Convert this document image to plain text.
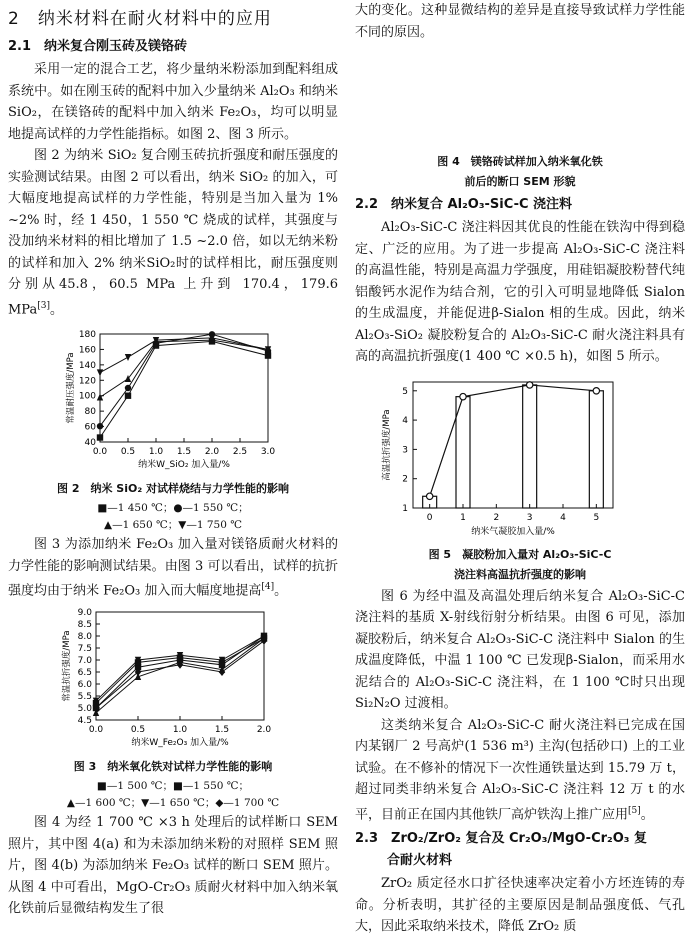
2　纳米材料在耐火材料中的应用
2.1　纳米复合刚玉砖及镁铬砖

采用一定的混合工艺，将少量纳米粉添加到配料组成系统中。如在刚玉砖的配料中加入少量纳米 Al₂O₃ 和纳米 SiO₂，在镁铬砖的配料中加入纳米 Fe₂O₃，均可以明显地提高试样的力学性能指标。如图 2、图 3 所示。

图 2 为纳米 SiO₂ 复合刚玉砖抗折强度和耐压强度的实验测试结果。由图 2 可以看出，纳米 SiO₂ 的加入，可大幅度地提高试样的力学性能，特别是当加入量为 1% ~2% 时，经 1 450，1 550 ℃ 烧成的试样，其强度与没加纳米材料的相比增加了 1.5 ~2.0 倍，如以无纳米粉的试样和加入 2% 纳米SiO₂时的试样相比，耐压强度则分别从45.8，60.5 MPa 上升到 170.4，179.6 MPa[3]。

40
60
80
100
120
140
160
180
0.0 0.5 1.0 1.5 2.0 2.5 3.0
纳米W_SiO₂ 加入量/%
常温耐压强度/MPa
图 2　纳米 SiO₂ 对试样烧结与力学性能的影响
■—1 450 ℃；●—1 550 ℃；
▲—1 650 ℃；▼—1 750 ℃

图 3 为添加纳米 Fe₂O₃ 加入量对镁铬质耐火材料的力学性能的影响测试结果。由图 3 可以看出，试样的抗折强度均由于纳米 Fe₂O₃ 加入而大幅度地提高[4]。

4.5
5.0
5.5
6.0
6.5
7.0
7.5
8.0
8.5
9.0
0.0	0.5	1.0	1.5	2.0
纳米W_Fe₂O₃ 加入量/%
常温抗折强度/MPa
图 3　纳米氧化铁对试样力学性能的影响
■—1 500 ℃；■—1 550 ℃；
▲—1 600 ℃；▼—1 650 ℃；◆—1 700 ℃

图 4 为经 1 700 ℃ ×3 h 处理后的试样断口 SEM 照片，其中图 4(a) 和为未添加纳米粉的对照样 SEM 照片，图 4(b) 为添加纳米 Fe₂O₃ 试样的断口 SEM 照片。从图 4 中可看出，MgO-Cr₂O₃ 质耐火材料中加入纳米氧化铁前后显微结构发生了很

大的变化。这种显微结构的差异是直接导致试样力学性能不同的原因。

图 4　镁铬砖试样加入纳米氧化铁
前后的断口 SEM 形貌
2.2　纳米复合 Al₂O₃-SiC-C 浇注料

Al₂O₃-SiC-C 浇注料因其优良的性能在铁沟中得到稳定、广泛的应用。为了进一步提高 Al₂O₃-SiC-C 浇注料的高温性能，特别是高温力学强度，用硅铝凝胶粉替代纯铝酸钙水泥作为结合剂，它的引入可明显地降低 Sialon 的生成温度，并能促进β-Sialon 相的生成。因此，纳米 Al₂O₃-SiO₂ 凝胶粉复合的 Al₂O₃-SiC-C 耐火浇注料具有高的高温抗折强度(1 400 ℃ ×0.5 h)，如图 5 所示。

1
2
3
4
5
0	1	2	3	4	5
纳米气凝胶加入量/%
高温抗折强度/MPa
图 5　凝胶粉加入量对 Al₂O₃-SiC-C
浇注料高温抗折强度的影响

图 6 为经中温及高温处理后纳米复合 Al₂O₃-SiC-C 浇注料的基质 X-射线衍射分析结果。由图 6 可见，添加凝胶粉后，纳米复合 Al₂O₃-SiC-C 浇注料中 Sialon 的生成温度降低，中温 1 100 ℃ 已发现β-Sialon，而采用水泥结合的 Al₂O₃-SiC-C 浇注料，在 1 100 ℃时只出现 Si₂N₂O 过渡相。

这类纳米复合 Al₂O₃-SiC-C 耐火浇注料已完成在国内某钢厂 2 号高炉(1 536 m³) 主沟(包括砂口) 上的工业试验。在不修补的情况下一次性通铁量达到 15.79 万 t，超过同类非纳米复合 Al₂O₃-SiC-C 浇注料 12 万 t 的水平，目前正在国内其他铁厂高炉铁沟上推广应用[5]。

2.3　ZrO₂/ZrO₂ 复合及 Cr₂O₃/MgO-Cr₂O₃ 复
合耐火材料

ZrO₂ 质定径水口扩径快速率决定着小方坯连铸的寿命。分析表明，其扩径的主要原因是制品强度低、气孔大，因此采取纳米技术，降低 ZrO₂ 质
